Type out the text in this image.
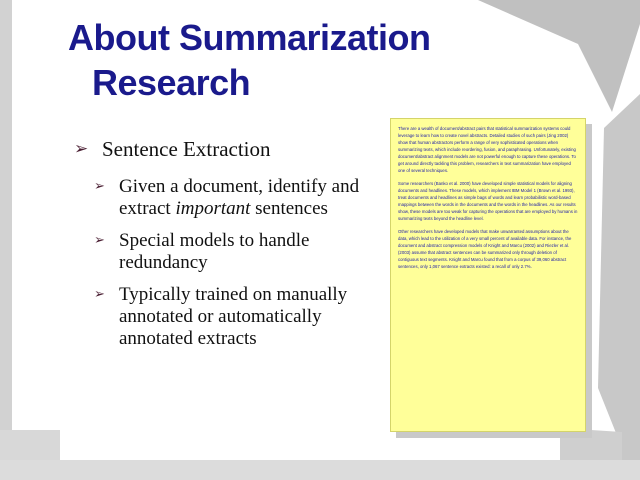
About Summarization
Research
➢ Sentence Extraction
➢ Given a document, identify and extract important sentences
➢ Special models to handle redundancy
➢ Typically trained on manually annotated or automatically annotated extracts

There are a wealth of document/abstract pairs that statistical summarization systems could leverage to learn how to create novel abstracts. Detailed studies of such pairs (Jing 2002) show that human abstractors perform a range of very sophisticated operations when summarizing texts, which include reordering, fusion, and paraphrasing. Unfortunately, existing document/abstract alignment models are not powerful enough to capture these operations. To get around directly tackling this problem, researchers in text summarization have employed one of several techniques.

Some researchers (Banko et al. 2000) have developed simple statistical models for aligning documents and headlines. These models, which implement IBM Model 1 (Brown et al. 1993), treat documents and headlines as simple bags of words and learn probabilistic word-based mappings between the words in the documents and the words in the headlines. As our results show, these models are too weak for capturing the operations that are employed by humans in summarizing texts beyond the headline level.

Other researchers have developed models that make unwarranted assumptions about the data, which lead to the utilization of a very small percent of available data. For instance, the document and abstract compression models of Knight and Marcu (2002) and Riezler et al. (2003) assume that abstract sentences can be summarized only through deletion of contiguous text segments. Knight and Marcu found that from a corpus of 39,060 abstract sentences, only 1,067 sentence extracts existed: a recall of only 2.7%.
